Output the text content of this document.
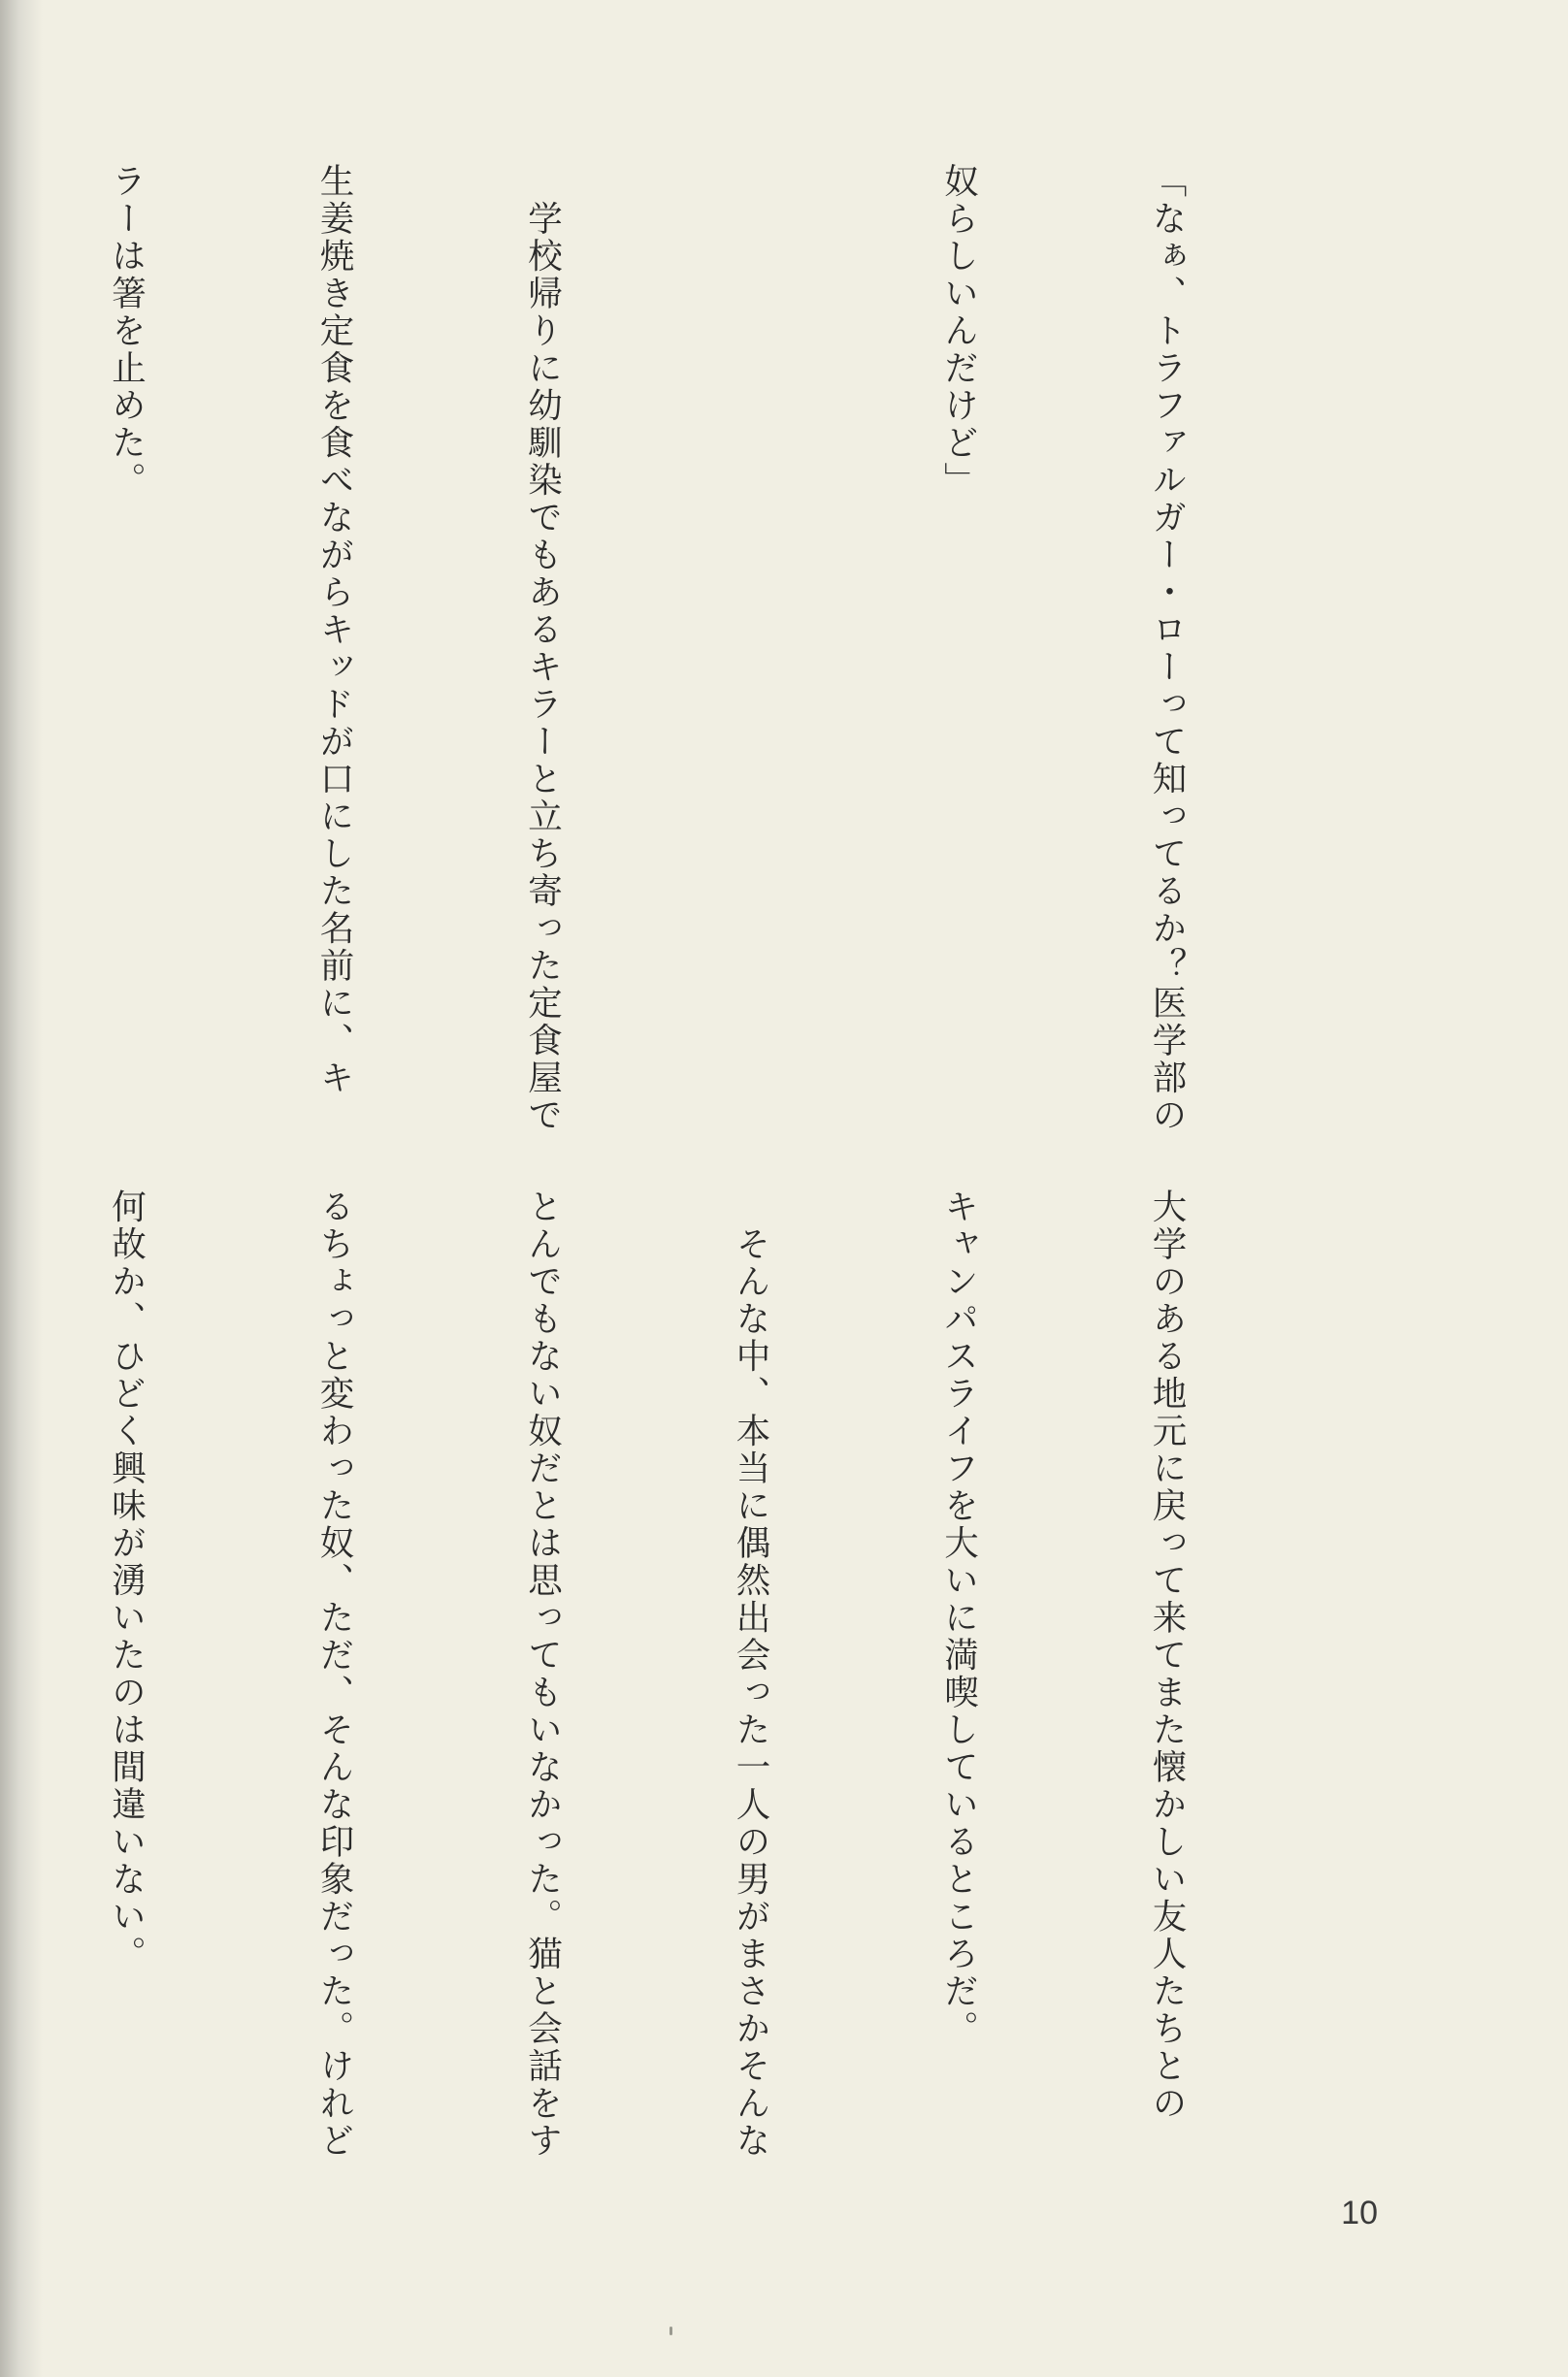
「なぁ、トラファルガー・ローって知ってるか？医学部の

奴らしいんだけど」

　学校帰りに幼馴染でもあるキラーと立ち寄った定食屋で

生姜焼き定食を食べながらキッドが口にした名前に、キ

ラーは箸を止めた。

大学のある地元に戻って来てまた懐かしい友人たちとの

キャンパスライフを大いに満喫しているところだ。

　そんな中、本当に偶然出会った一人の男がまさかそんな

とんでもない奴だとは思ってもいなかった。猫と会話をす

るちょっと変わった奴、ただ、そんな印象だった。けれど

何故か、ひどく興味が湧いたのは間違いない。

10
